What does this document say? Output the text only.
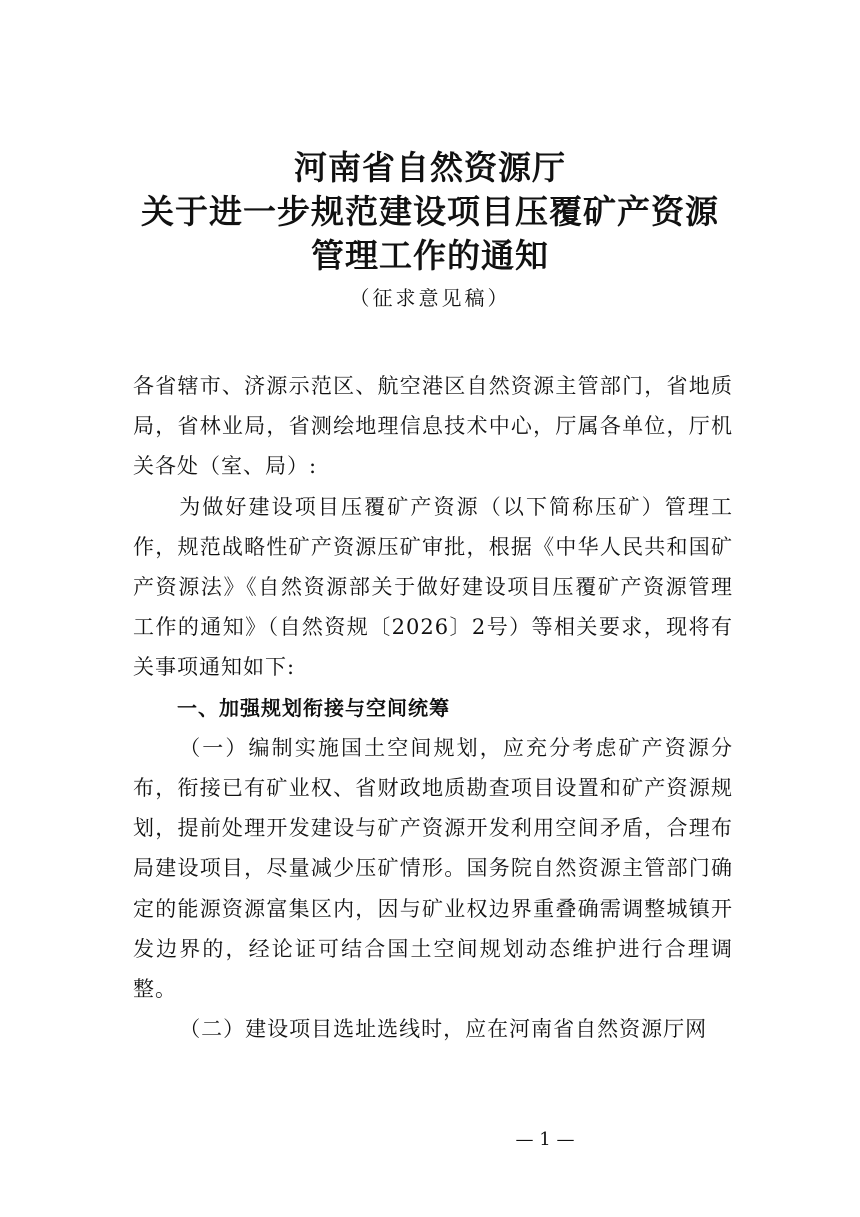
河南省自然资源厅
关于进一步规范建设项目压覆矿产资源
管理工作的通知
（征求意见稿）

各省辖市、济源示范区、航空港区自然资源主管部门，省地质局，省林业局，省测绘地理信息技术中心，厅属各单位，厅机关各处（室、局）:

为做好建设项目压覆矿产资源（以下简称压矿）管理工作，规范战略性矿产资源压矿审批，根据《中华人民共和国矿产资源法》《自然资源部关于做好建设项目压覆矿产资源管理工作的通知》（自然资规〔2026〕2号）等相关要求，现将有关事项通知如下:

一、加强规划衔接与空间统筹

（一）编制实施国土空间规划，应充分考虑矿产资源分布，衔接已有矿业权、省财政地质勘查项目设置和矿产资源规划，提前处理开发建设与矿产资源开发利用空间矛盾，合理布局建设项目，尽量减少压矿情形。国务院自然资源主管部门确定的能源资源富集区内，因与矿业权边界重叠确需调整城镇开发边界的，经论证可结合国土空间规划动态维护进行合理调整。

（二）建设项目选址选线时，应在河南省自然资源厅网

— 1 —
